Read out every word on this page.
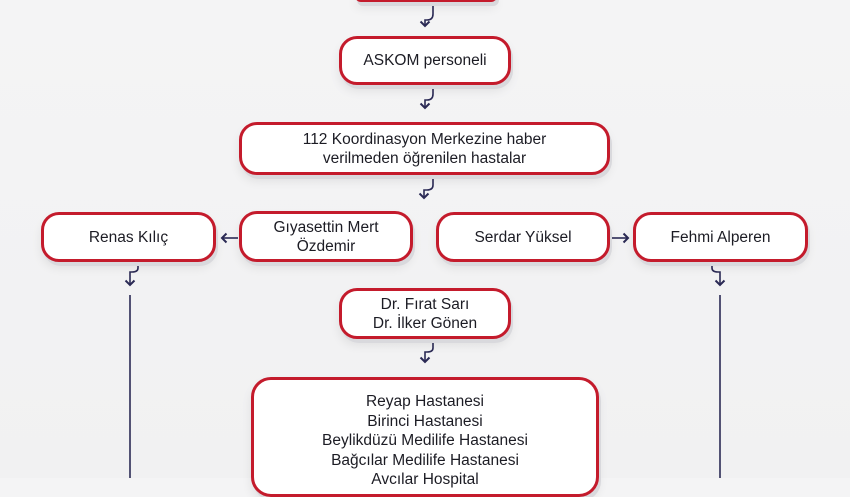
ASKOM personeli
112 Koordinasyon Merkezine haber
verilmeden öğrenilen hastalar
Renas Kılıç
Gıyasettin Mert
Özdemir
Serdar Yüksel	Fehmi Alperen
Dr. Fırat Sarı
Dr. İlker Gönen
Reyap Hastanesi
Birinci Hastanesi
Beylikdüzü Medilife Hastanesi
Bağcılar Medilife Hastanesi
Avcılar Hospital
